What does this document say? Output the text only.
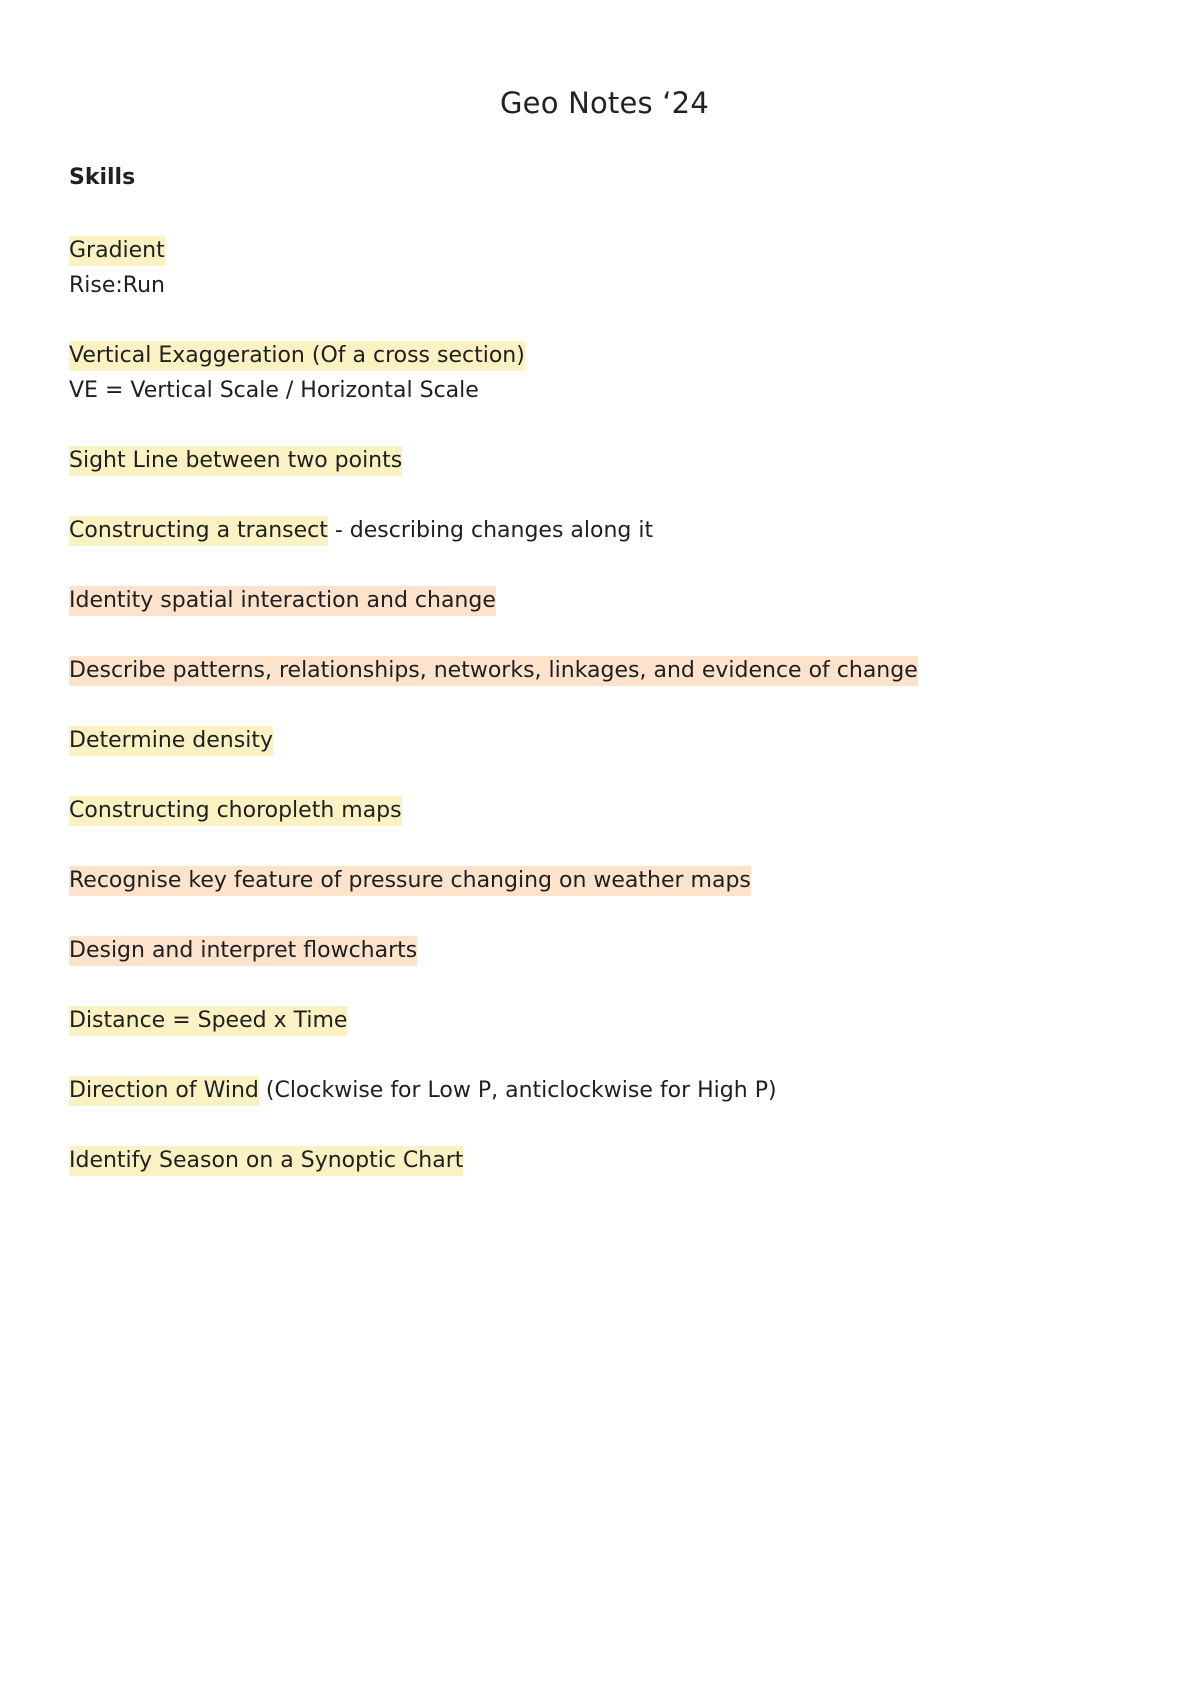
Geo Notes ‘24
Skills
Gradient
Rise:Run
Vertical Exaggeration (Of a cross section)
VE = Vertical Scale / Horizontal Scale
Sight Line between two points
Constructing a transect - describing changes along it
Identity spatial interaction and change
Describe patterns, relationships, networks, linkages, and evidence of change
Determine density
Constructing choropleth maps
Recognise key feature of pressure changing on weather maps
Design and interpret flowcharts
Distance = Speed x Time
Direction of Wind (Clockwise for Low P, anticlockwise for High P)
Identify Season on a Synoptic Chart
